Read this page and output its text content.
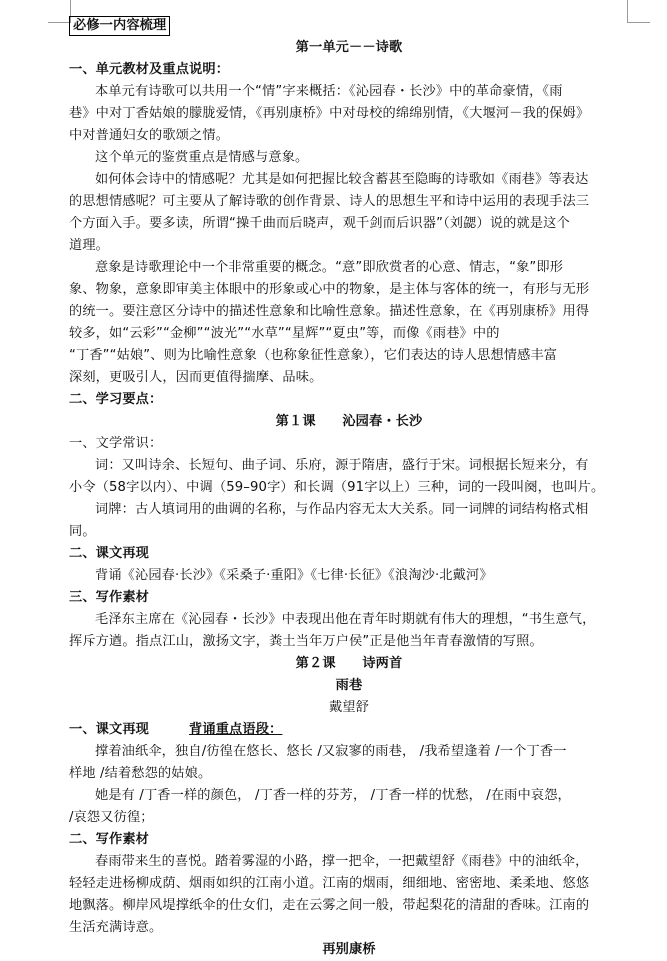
必修一内容梳理

第一单元－－诗歌

一、单元教材及重点说明：

本单元有诗歌可以共用一个“情”字来概括：《沁园春・长沙》中的革命豪情，《雨

巷》中对丁香姑娘的朦胧爱情，《再别康桥》中对母校的绵绵别情，《大堰河－我的保姆》

中对普通妇女的歌颂之情。

这个单元的鉴赏重点是情感与意象。

如何体会诗中的情感呢？尤其是如何把握比较含蓄甚至隐晦的诗歌如《雨巷》等表达

的思想情感呢？可主要从了解诗歌的创作背景、诗人的思想生平和诗中运用的表现手法三

个方面入手。要多读，所谓“操千曲而后晓声，观千剑而后识器”（刘勰）说的就是这个

道理。

意象是诗歌理论中一个非常重要的概念。“意”即欣赏者的心意、情志，“象”即形

象、物象，意象即审美主体眼中的形象或心中的物象，是主体与客体的统一，有形与无形

的统一。要注意区分诗中的描述性意象和比喻性意象。描述性意象，在《再别康桥》用得

较多，如“云彩”“金柳”“波光”“水草”“星辉”“夏虫”等，而像《雨巷》中的

“丁香”“姑娘”、则为比喻性意象（也称象征性意象），它们表达的诗人思想情感丰富

深刻，更吸引人，因而更值得揣摩、品味。

二、学习要点：

第１课　　沁园春・长沙

一、文学常识：

词：又叫诗余、长短句、曲子词、乐府，源于隋唐，盛行于宋。词根据长短来分，有

小令（58字以内）、中调（59–90字）和长调（91字以上）三种，词的一段叫阕，也叫片。

词牌：古人填词用的曲调的名称，与作品内容无太大关系。同一词牌的词结构格式相

同。

二、课文再现

背诵《沁园春·长沙》《采桑子·重阳》《七律·长征》《浪淘沙·北戴河》

三、写作素材

毛泽东主席在《沁园春・长沙》中表现出他在青年时期就有伟大的理想，“书生意气，

挥斥方遒。指点江山，激扬文字，粪土当年万户侯”正是他当年青春激情的写照。

第２课　　诗两首

雨巷

戴望舒

一、课文再现	背诵重点语段：

撑着油纸伞，独自/彷徨在悠长、悠长 /又寂寥的雨巷， /我希望逢着 /一个丁香一

样地 /结着愁怨的姑娘。

她是有 /丁香一样的颜色， /丁香一样的芬芳， /丁香一样的忧愁， /在雨中哀怨，

/哀怨又彷徨；

二、写作素材

春雨带来生的喜悦。踏着雾湿的小路，撑一把伞，一把戴望舒《雨巷》中的油纸伞，

轻轻走进杨柳成荫、烟雨如织的江南小道。江南的烟雨，细细地、密密地、柔柔地、悠悠

地飘落。柳岸风堤撑纸伞的仕女们，走在云雾之间一般，带起梨花的清甜的香味。江南的

生活充满诗意。

再别康桥
